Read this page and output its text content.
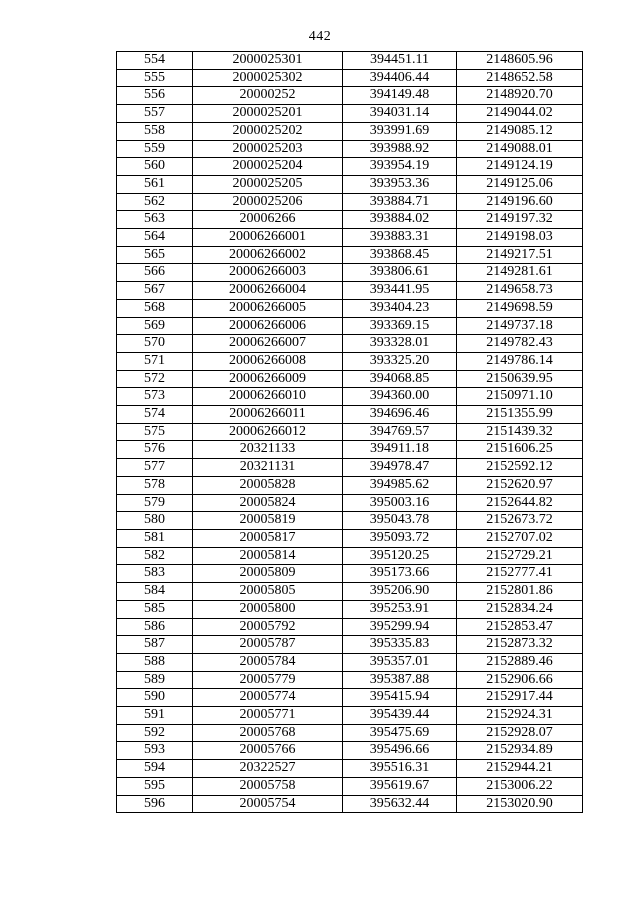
442
554	2000025301	394451.11	2148605.96
555	2000025302	394406.44	2148652.58
556	20000252	394149.48	2148920.70
557	2000025201	394031.14	2149044.02
558	2000025202	393991.69	2149085.12
559	2000025203	393988.92	2149088.01
560	2000025204	393954.19	2149124.19
561	2000025205	393953.36	2149125.06
562	2000025206	393884.71	2149196.60
563	20006266	393884.02	2149197.32
564	20006266001	393883.31	2149198.03
565	20006266002	393868.45	2149217.51
566	20006266003	393806.61	2149281.61
567	20006266004	393441.95	2149658.73
568	20006266005	393404.23	2149698.59
569	20006266006	393369.15	2149737.18
570	20006266007	393328.01	2149782.43
571	20006266008	393325.20	2149786.14
572	20006266009	394068.85	2150639.95
573	20006266010	394360.00	2150971.10
574	20006266011	394696.46	2151355.99
575	20006266012	394769.57	2151439.32
576	20321133	394911.18	2151606.25
577	20321131	394978.47	2152592.12
578	20005828	394985.62	2152620.97
579	20005824	395003.16	2152644.82
580	20005819	395043.78	2152673.72
581	20005817	395093.72	2152707.02
582	20005814	395120.25	2152729.21
583	20005809	395173.66	2152777.41
584	20005805	395206.90	2152801.86
585	20005800	395253.91	2152834.24
586	20005792	395299.94	2152853.47
587	20005787	395335.83	2152873.32
588	20005784	395357.01	2152889.46
589	20005779	395387.88	2152906.66
590	20005774	395415.94	2152917.44
591	20005771	395439.44	2152924.31
592	20005768	395475.69	2152928.07
593	20005766	395496.66	2152934.89
594	20322527	395516.31	2152944.21
595	20005758	395619.67	2153006.22
596	20005754	395632.44	2153020.90
